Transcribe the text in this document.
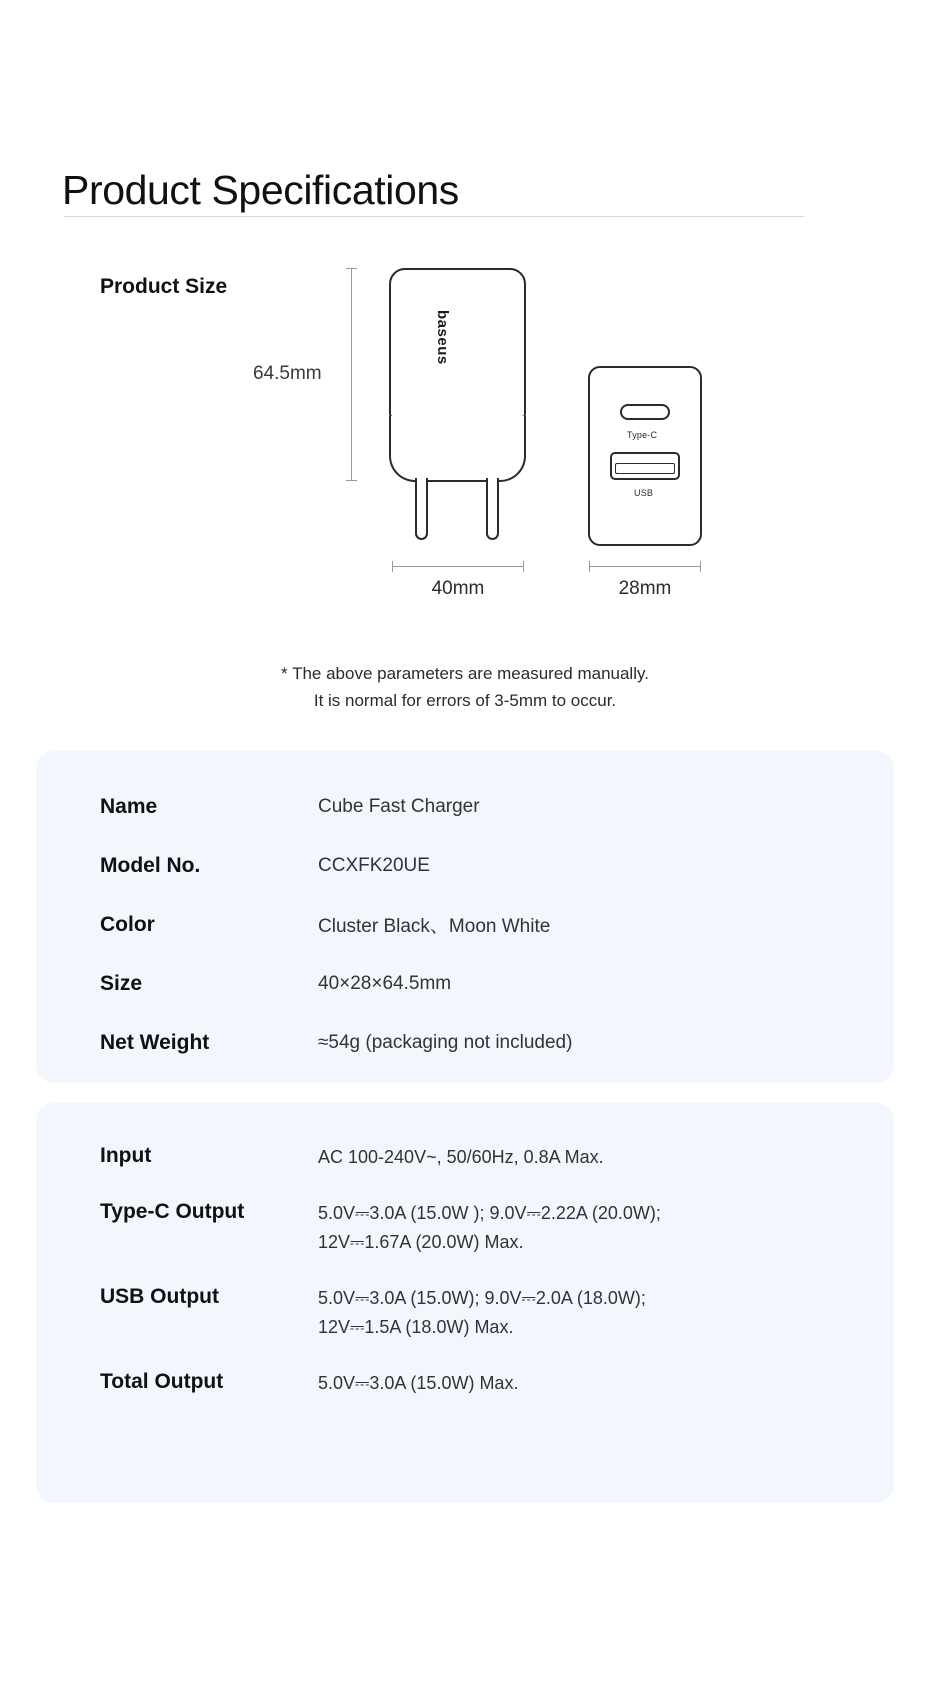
Product Specifications
Product Size
64.5mm
baseus
Type-C
USB
40mm	28mm
* The above parameters are measured manually.
It is normal for errors of 3-5mm to occur.
Name	Cube Fast Charger
Model No.	CCXFK20UE
Color	Cluster Black、Moon White
Size	40×28×64.5mm
Net Weight	≈54g (packaging not included)
Input	AC 100-240V~, 50/60Hz, 0.8A Max.
Type-C Output	5.0V⎓3.0A (15.0W ); 9.0V⎓2.22A (20.0W);
12V⎓1.67A (20.0W) Max.
USB Output	5.0V⎓3.0A (15.0W); 9.0V⎓2.0A (18.0W);
12V⎓1.5A (18.0W) Max.
Total Output	5.0V⎓3.0A (15.0W) Max.
